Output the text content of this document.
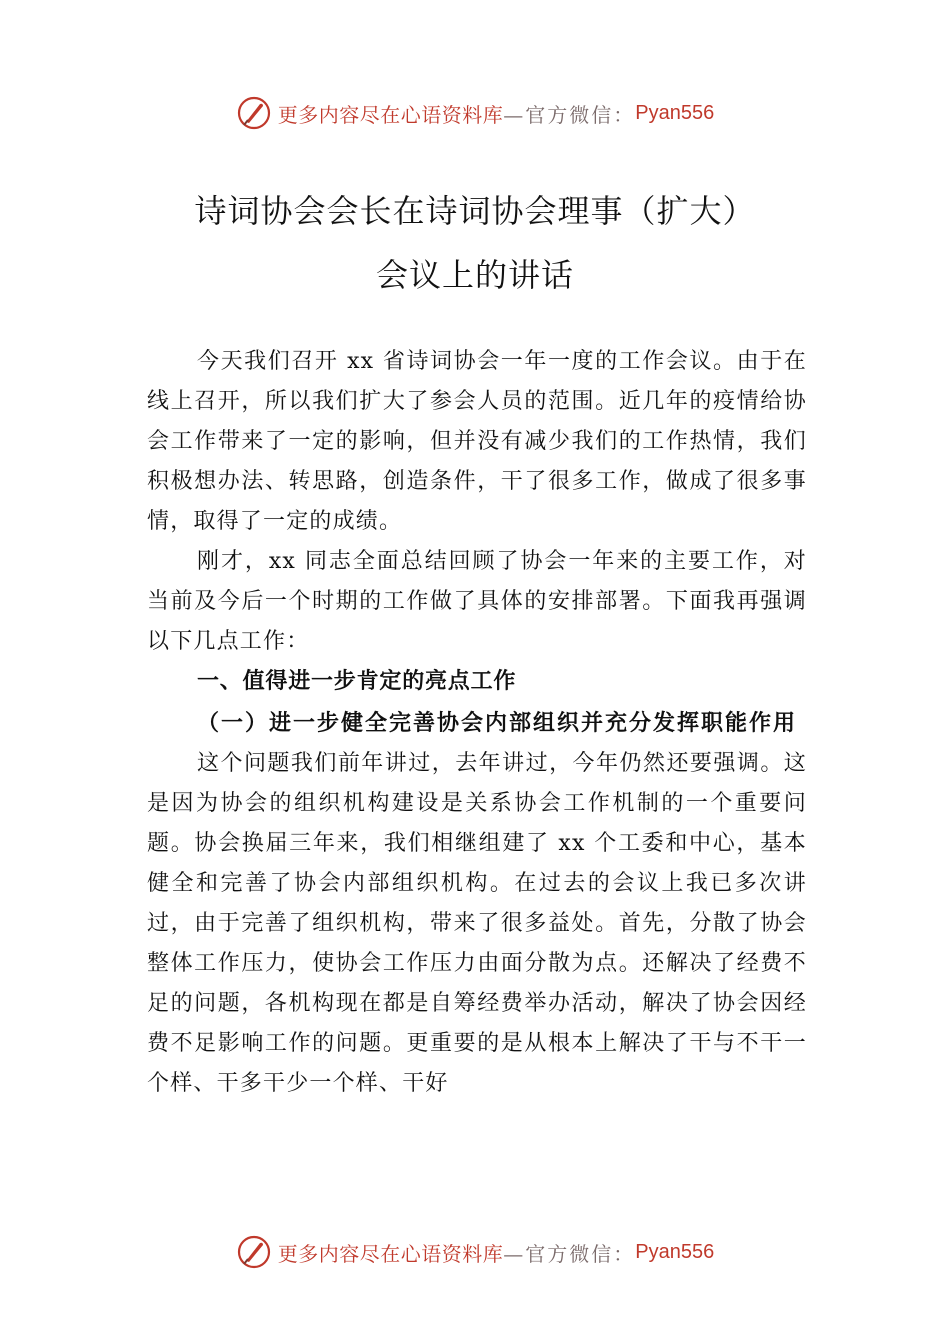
更多内容尽在心语资料库 —官方微信： Pyan556
诗词协会会长在诗词协会理事（扩大）
会议上的讲话

今天我们召开 xx 省诗词协会一年一度的工作会议。由于在线上召开，所以我们扩大了参会人员的范围。近几年的疫情给协会工作带来了一定的影响，但并没有减少我们的工作热情，我们积极想办法、转思路，创造条件，干了很多工作，做成了很多事情，取得了一定的成绩。

刚才，xx 同志全面总结回顾了协会一年来的主要工作，对当前及今后一个时期的工作做了具体的安排部署。下面我再强调以下几点工作：

一、值得进一步肯定的亮点工作

（一）进一步健全完善协会内部组织并充分发挥职能作用

这个问题我们前年讲过，去年讲过，今年仍然还要强调。这是因为协会的组织机构建设是关系协会工作机制的一个重要问题。协会换届三年来，我们相继组建了 xx 个工委和中心，基本健全和完善了协会内部组织机构。在过去的会议上我已多次讲过，由于完善了组织机构，带来了很多益处。首先，分散了协会整体工作压力，使协会工作压力由面分散为点。还解决了经费不足的问题，各机构现在都是自筹经费举办活动，解决了协会因经费不足影响工作的问题。更重要的是从根本上解决了干与不干一个样、干多干少一个样、干好

更多内容尽在心语资料库 —官方微信： Pyan556
